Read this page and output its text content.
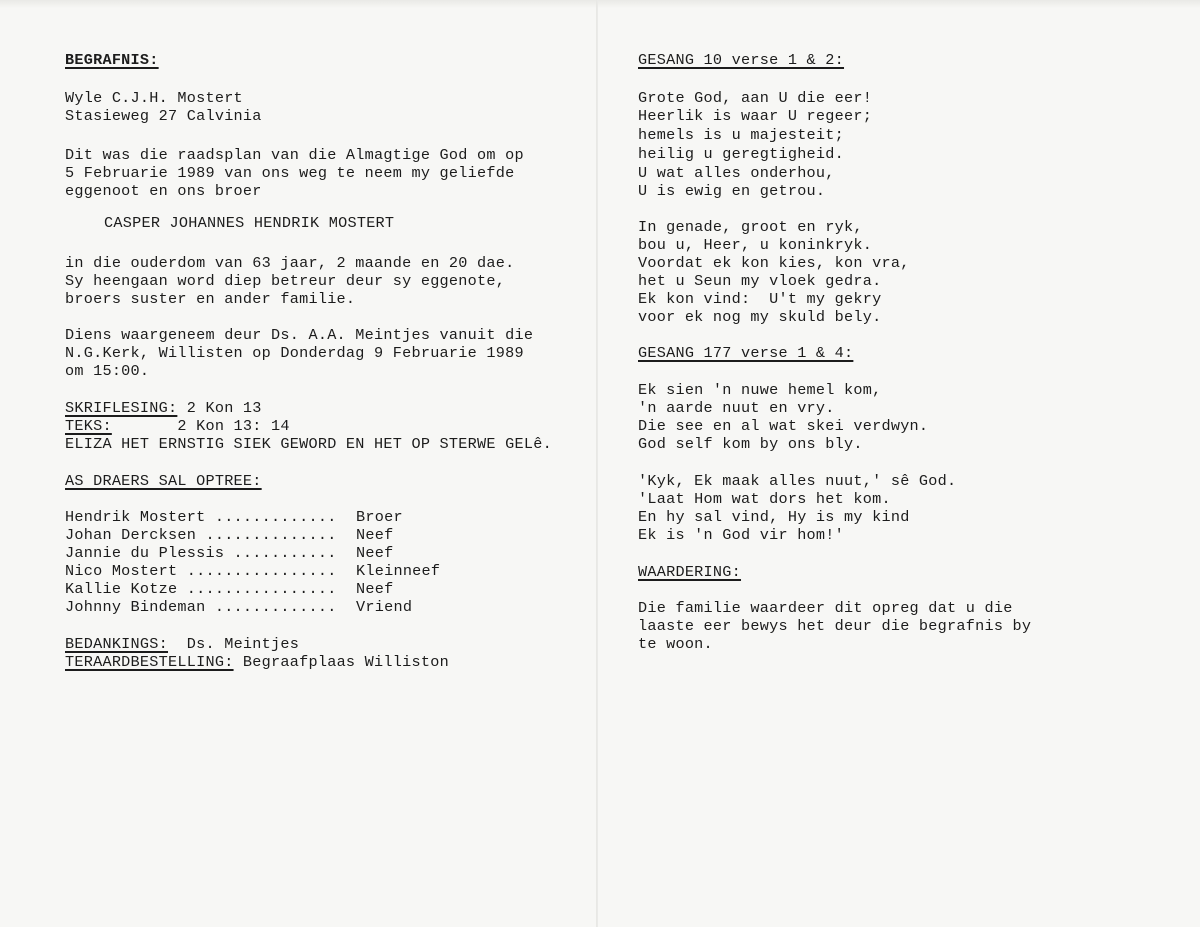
BEGRAFNIS:
Wyle C.J.H. Mostert
Stasieweg 27 Calvinia
Dit was die raadsplan van die Almagtige God om op
5 Februarie 1989 van ons weg te neem my geliefde
eggenoot en ons broer
CASPER JOHANNES HENDRIK MOSTERT
in die ouderdom van 63 jaar, 2 maande en 20 dae.
Sy heengaan word diep betreur deur sy eggenote,
broers suster en ander familie.
Diens waargeneem deur Ds. A.A. Meintjes vanuit die
N.G.Kerk, Willisten op Donderdag 9 Februarie 1989
om 15:00.
SKRIFLESING: 2 Kon 13
TEKS:       2 Kon 13: 14
ELIZA HET ERNSTIG SIEK GEWORD EN HET OP STERWE GELê.
AS DRAERS SAL OPTREE:
Hendrik Mostert ............. Broer
Johan Dercksen .............. Neef
Jannie du Plessis ........... Neef
Nico Mostert ................ Kleinneef
Kallie Kotze ................ Neef
Johnny Bindeman ............. Vriend
BEDANKINGS:  Ds. Meintjes
TERAARDBESTELLING: Begraafplaas Williston
GESANG 10 verse 1 & 2:
Grote God, aan U die eer!
Heerlik is waar U regeer;
hemels is u majesteit;
heilig u geregtigheid.
U wat alles onderhou,
U is ewig en getrou.
In genade, groot en ryk,
bou u, Heer, u koninkryk.
Voordat ek kon kies, kon vra,
het u Seun my vloek gedra.
Ek kon vind:  U't my gekry
voor ek nog my skuld bely.
GESANG 177 verse 1 & 4:
Ek sien 'n nuwe hemel kom,
'n aarde nuut en vry.
Die see en al wat skei verdwyn.
God self kom by ons bly.
'Kyk, Ek maak alles nuut,' sê God.
'Laat Hom wat dors het kom.
En hy sal vind, Hy is my kind
Ek is 'n God vir hom!'
WAARDERING:
Die familie waardeer dit opreg dat u die
laaste eer bewys het deur die begrafnis by
te woon.
